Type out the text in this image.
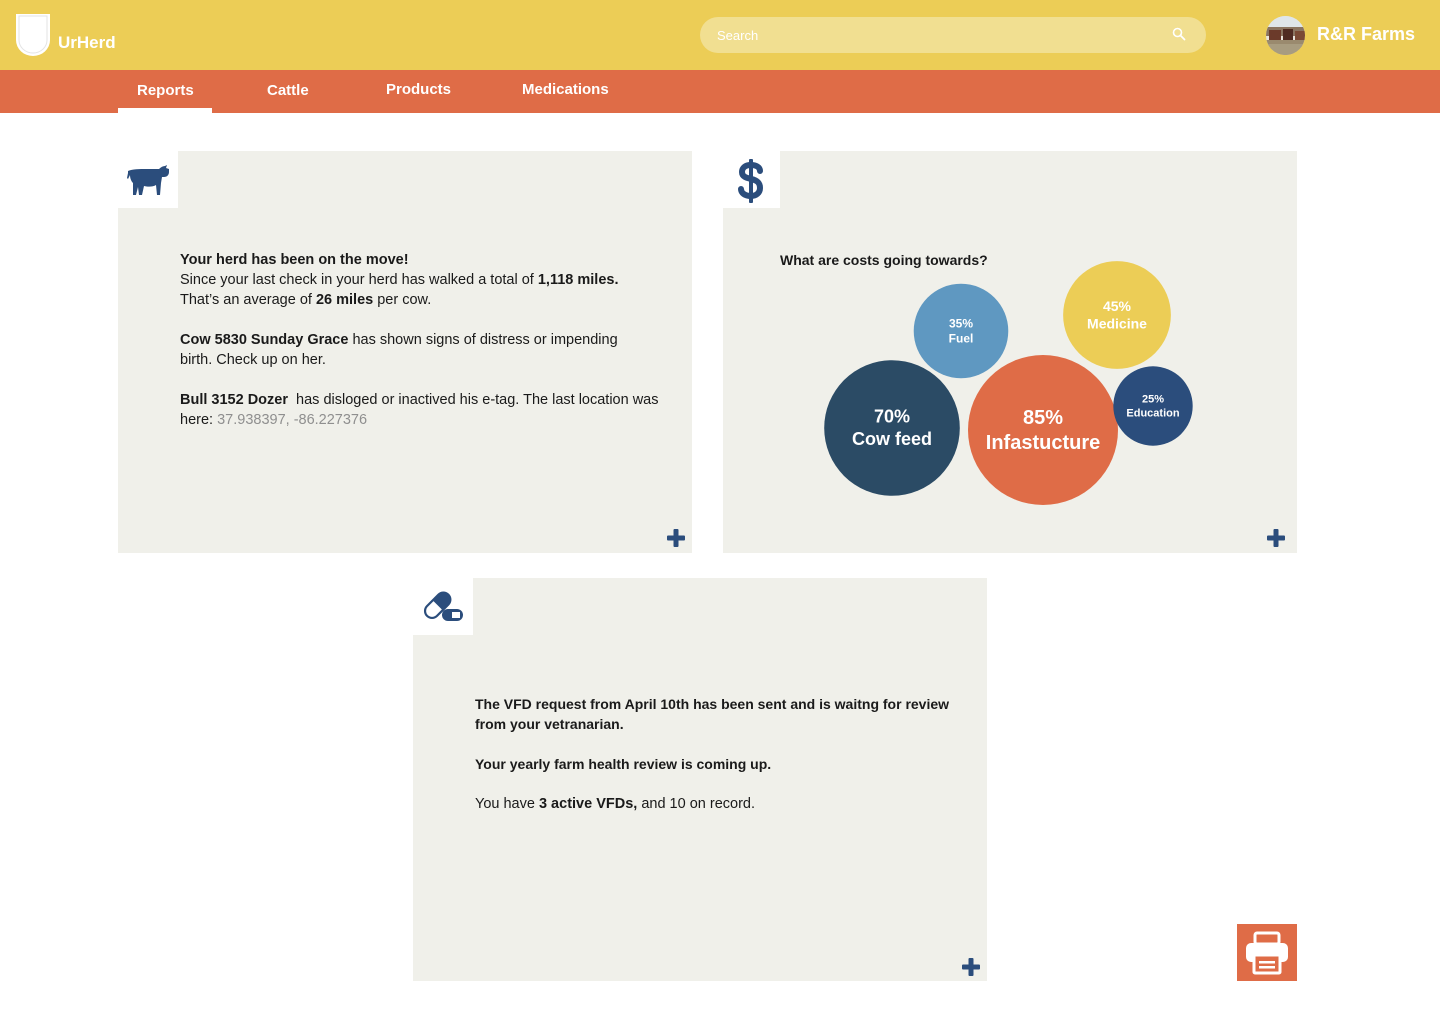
UrHerd	Search	R&R Farms
Reports	Cattle	Products	Medications
Your herd has been on the move!
Since your last check in your herd has walked a total of 1,118 miles.
That’s an average of 26 miles per cow.
Cow 5830 Sunday Grace has shown signs of distress or impending birth. Check up on her.
Bull 3152 Dozer  has disloged or inactived his e-tag. The last location was here: 37.938397, -86.227376
What are costs going towards?
35%
Fuel
45%
Medicine
70%
Cow feed
85%
Infastucture
25%
Education
The VFD request from April 10th has been sent and is waitng for review from your vetranarian.
Your yearly farm health review is coming up.
You have 3 active VFDs, and 10 on record.
